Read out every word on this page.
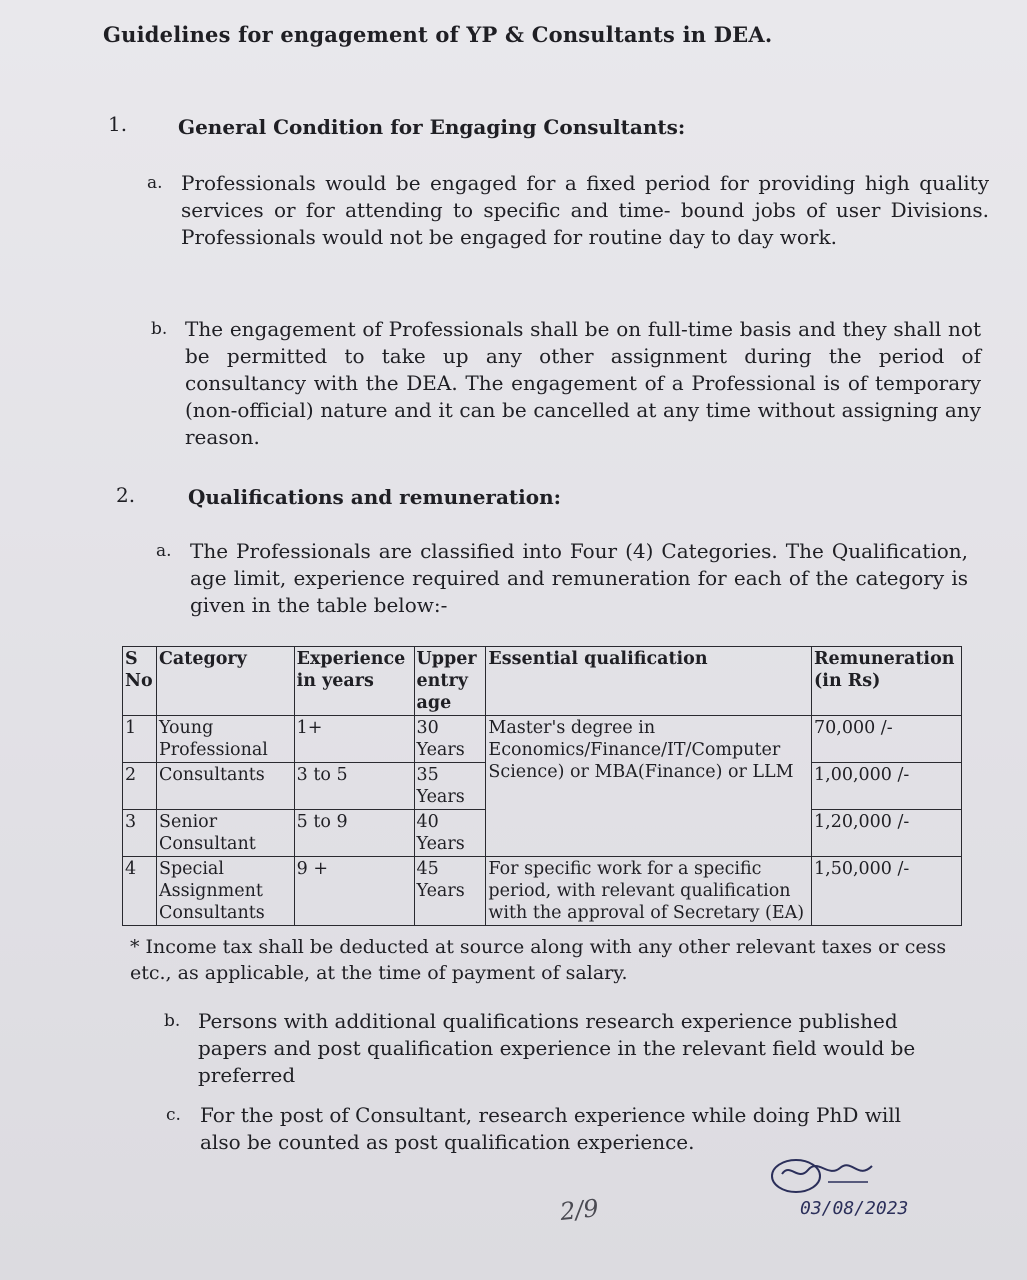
Guidelines for engagement of YP & Consultants in DEA.
1.	General Condition for Engaging Consultants:
a. Professionals would be engaged for a fixed period for providing high quality services or for attending to specific and time- bound jobs of user Divisions. Professionals would not be engaged for routine day to day work.
b. The engagement of Professionals shall be on full-time basis and they shall not be permitted to take up any other assignment during the period of consultancy with the DEA. The engagement of a Professional is of temporary (non-official) nature and it can be cancelled at any time without assigning any reason.
2.	Qualifications and remuneration:
a. The Professionals are classified into Four (4) Categories. The Qualification, age limit, experience required and remuneration for each of the category is given in the table below:-
S No	Category	Experience in years	Upper entry age	Essential qualification	Remuneration (in Rs)
1	Young Professional	1+	30 Years	Master's degree in Economics/Finance/IT/Computer Science) or MBA(Finance) or LLM	70,000 /-
2	Consultants	3 to 5	35 Years		1,00,000 /-
3	Senior Consultant	5 to 9	40 Years		1,20,000 /-
4	Special Assignment Consultants	9 +	45 Years	For specific work for a specific period, with relevant qualification with the approval of Secretary (EA)	1,50,000 /-
* Income tax shall be deducted at source along with any other relevant taxes or cess etc., as applicable, at the time of payment of salary.
b. Persons with additional qualifications research experience published papers and post qualification experience in the relevant field would be preferred
c. For the post of Consultant, research experience while doing PhD will also be counted as post qualification experience.
2/9	03/08/2023
